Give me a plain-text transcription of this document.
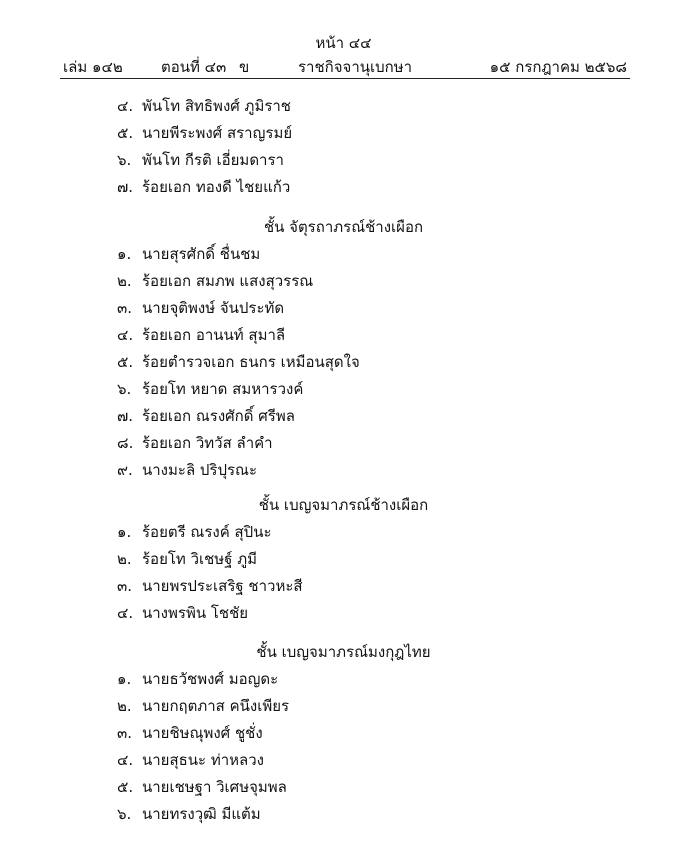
หน้า ๔๔
เล่ม ๑๔๒	ตอนที่ ๔๓ ข	ราชกิจจานุเบกษา	๑๕ กรกฎาคม ๒๕๖๘
๔. พันโท สิทธิพงศ์ ภูมิราช
๕. นายพีระพงศ์ สราญรมย์
๖. พันโท กีรติ เอี่ยมดารา
๗. ร้อยเอก ทองดี ไชยแก้ว
ชั้น จัตุรถาภรณ์ช้างเผือก
๑. นายสุรศักดิ์ ชื่นชม
๒. ร้อยเอก สมภพ แสงสุวรรณ
๓. นายจุติพงษ์ จันประทัด
๔. ร้อยเอก อานนท์ สุมาลี
๕. ร้อยตำรวจเอก ธนกร เหมือนสุดใจ
๖. ร้อยโท หยาด สมหารวงค์
๗. ร้อยเอก ณรงศักดิ์ ศรีพล
๘. ร้อยเอก วิทวัส ลำคำ
๙. นางมะลิ ปริปุรณะ
ชั้น เบญจมาภรณ์ช้างเผือก
๑. ร้อยตรี ณรงค์ สุปินะ
๒. ร้อยโท วิเชษฐ์ ภูมี
๓. นายพรประเสริฐ ชาวหะสี
๔. นางพรพิน โชชัย
ชั้น เบญจมาภรณ์มงกุฎไทย
๑. นายธวัชพงศ์ มอญดะ
๒. นายกฤตภาส คนึงเพียร
๓. นายชิษณุพงศ์ ชูชั่ง
๔. นายสุธนะ ท่าหลวง
๕. นายเชษฐา วิเศษจุมพล
๖. นายทรงวุฒิ มีแต้ม
